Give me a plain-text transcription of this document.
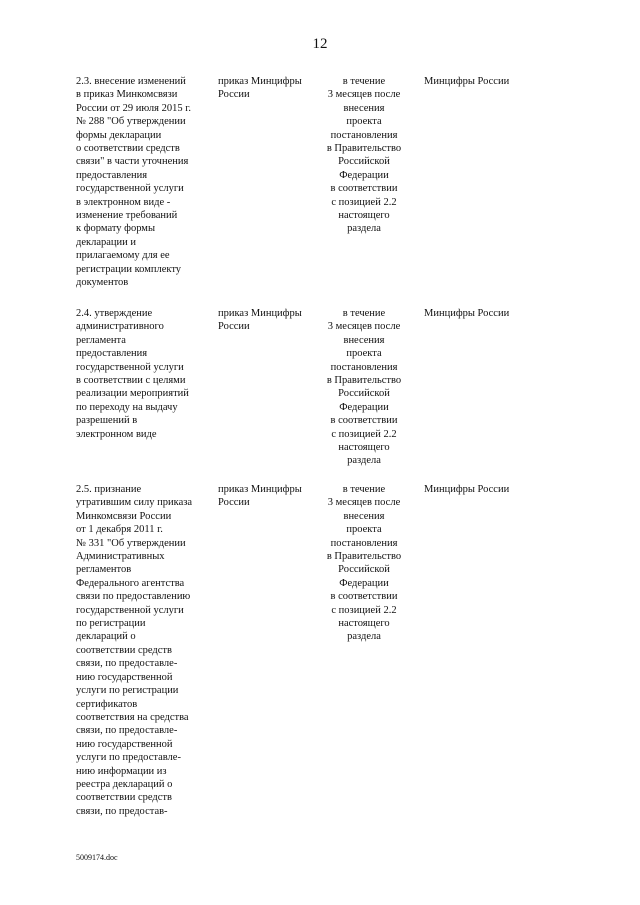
12
2.3. внесение изменений
в приказ Минкомсвязи
России от 29 июля 2015 г.
№ 288 "Об утверждении
формы декларации
о соответствии средств
связи" в части уточнения
предоставления
государственной услуги
в электронном виде -
изменение требований
к формату формы
декларации и
прилагаемому для ее
регистрации комплекту
документов
приказ Минцифры
России
в течение
3 месяцев после
внесения
проекта
постановления
в Правительство
Российской
Федерации
в соответствии
с позицией 2.2
настоящего
раздела
Минцифры России
2.4. утверждение
административного
регламента
предоставления
государственной услуги
в соответствии с целями
реализации мероприятий
по переходу на выдачу
разрешений в
электронном виде
приказ Минцифры
России
в течение
3 месяцев после
внесения
проекта
постановления
в Правительство
Российской
Федерации
в соответствии
с позицией 2.2
настоящего
раздела
Минцифры России
2.5. признание
утратившим силу приказа
Минкомсвязи России
от 1 декабря 2011 г.
№ 331 "Об утверждении
Административных
регламентов
Федерального агентства
связи по предоставлению
государственной услуги
по регистрации
деклараций о
соответствии средств
связи, по предоставле-
нию государственной
услуги по регистрации
сертификатов
соответствия на средства
связи, по предоставле-
нию государственной
услуги по предоставле-
нию информации из
реестра деклараций о
соответствии средств
связи, по предостав-
приказ Минцифры
России
в течение
3 месяцев после
внесения
проекта
постановления
в Правительство
Российской
Федерации
в соответствии
с позицией 2.2
настоящего
раздела
Минцифры России
5009174.doc
